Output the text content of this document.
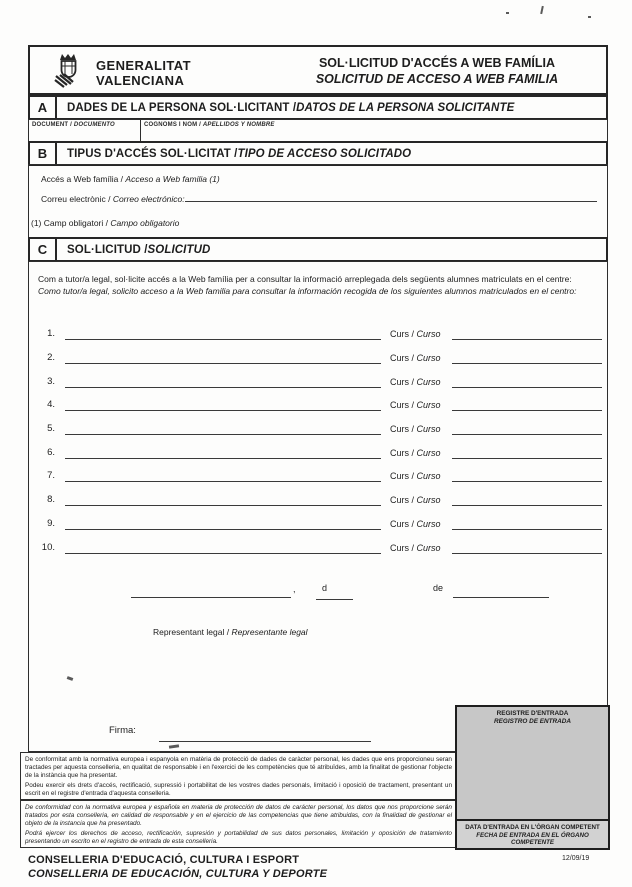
GENERALITAT
VALENCIANA
SOL·LICITUD D'ACCÉS A WEB FAMÍLIA
SOLICITUD DE ACCESO A WEB FAMILIA
A	DADES DE LA PERSONA SOL·LICITANT / DATOS DE LA PERSONA SOLICITANTE
DOCUMENT / DOCUMENTO	COGNOMS I NOM / APELLIDOS Y NOMBRE
B	TIPUS D'ACCÉS SOL·LICITAT / TIPO DE ACCESO SOLICITADO
Accés a Web família / Acceso a Web familia (1)
Correu electrònic / Correo electrónico:
(1) Camp obligatori / Campo obligatorio
C	SOL·LICITUD / SOLICITUD
Com a tutor/a legal, sol·licite accés a la Web família per a consultar la informació arreplegada dels següents alumnes matriculats en el centre:
Como tutor/a legal, solicito acceso a la Web familia para consultar la información recogida de los siguientes alumnos matriculados en el centro:
1.	Curs / Curso
2.	Curs / Curso
3.	Curs / Curso
4.	Curs / Curso
5.	Curs / Curso
6.	Curs / Curso
7.	Curs / Curso
8.	Curs / Curso
9.	Curs / Curso
10.	Curs / Curso
,	d	de
Representant legal / Representante legal
Firma:

De conformitat amb la normativa europea i espanyola en matèria de protecció de dades de caràcter personal, les dades que ens proporcioneu seran tractades per aquesta conselleria, en qualitat de responsable i en l'exercici de les competències que té atribuïdes, amb la finalitat de gestionar l'objecte de la instància que ha presentat.

Podeu exercir els drets d'accés, rectificació, supressió i portabilitat de les vostres dades personals, limitació i oposició de tractament, presentant un escrit en el registre d'entrada d'aquesta conselleria.

De conformidad con la normativa europea y española en materia de protección de datos de carácter personal, los datos que nos proporcione serán tratados por esta conselleria, en calidad de responsable y en el ejercicio de las competencias que tiene atribuidas, con la finalidad de gestionar el objeto de la instancia que ha presentado.

Podrá ejercer los derechos de acceso, rectificación, supresión y portabilidad de sus datos personales, limitación y oposición de tratamiento presentando un escrito en el registro de entrada de esta conselleria.

REGISTRE D'ENTRADA
REGISTRO DE ENTRADA
DATA D'ENTRADA EN L'ÒRGAN COMPETENT
FECHA DE ENTRADA EN EL ÓRGANO COMPETENTE
CONSELLERIA D'EDUCACIÓ, CULTURA I ESPORT
CONSELLERIA DE EDUCACIÓN, CULTURA Y DEPORTE
12/09/19
